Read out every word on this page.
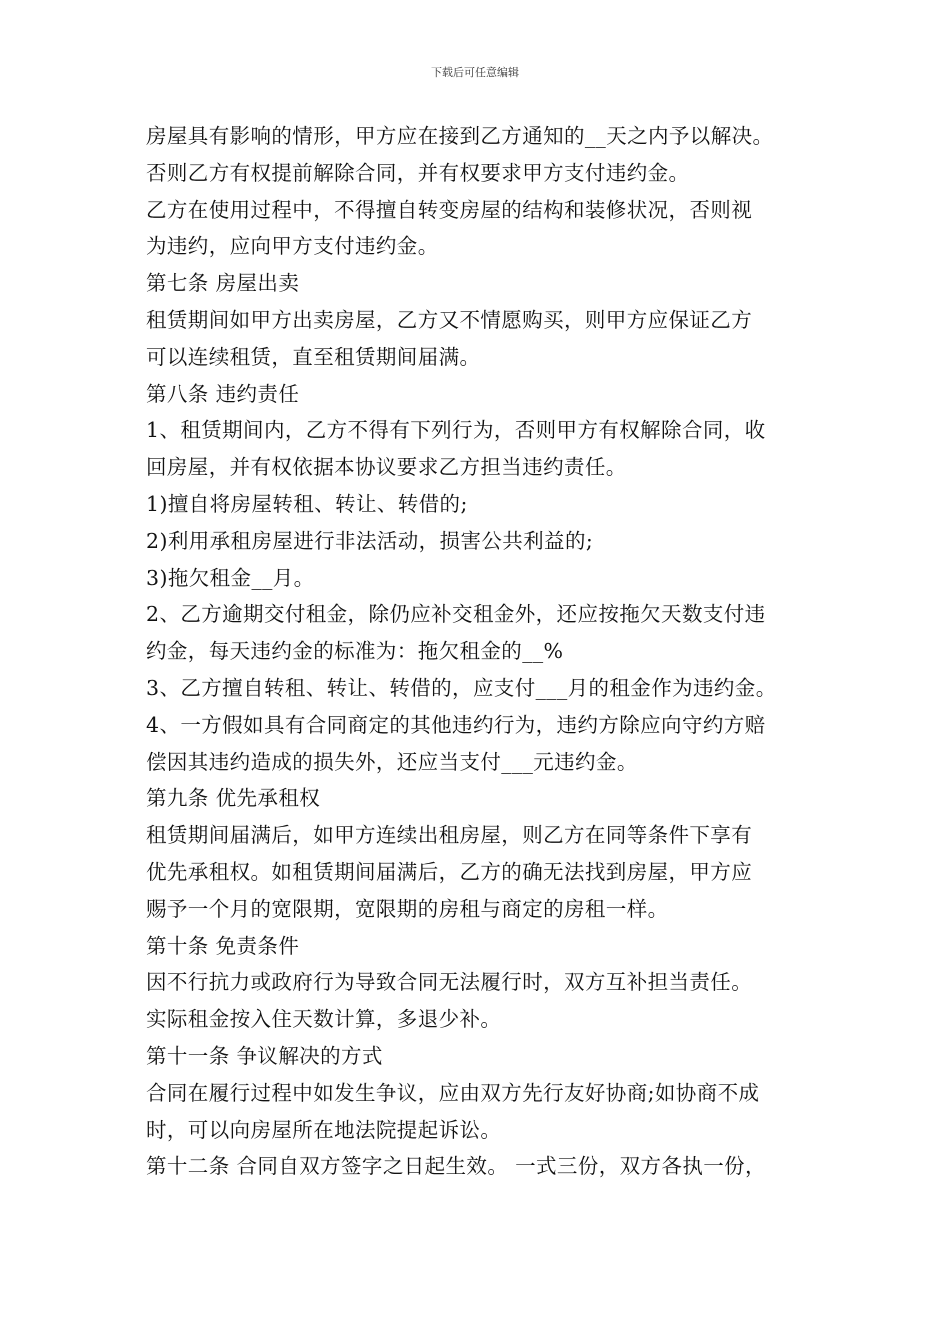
下载后可任意编辑
房屋具有影响的情形，甲方应在接到乙方通知的__天之内予以解决。
否则乙方有权提前解除合同，并有权要求甲方支付违约金。
乙方在使用过程中，不得擅自转变房屋的结构和装修状况，否则视
为违约，应向甲方支付违约金。
第七条 房屋出卖
租赁期间如甲方出卖房屋，乙方又不情愿购买，则甲方应保证乙方
可以连续租赁，直至租赁期间届满。
第八条 违约责任
1、租赁期间内，乙方不得有下列行为，否则甲方有权解除合同，收
回房屋，并有权依据本协议要求乙方担当违约责任。
1)擅自将房屋转租、转让、转借的;
2)利用承租房屋进行非法活动，损害公共利益的;
3)拖欠租金__月。
2、乙方逾期交付租金，除仍应补交租金外，还应按拖欠天数支付违
约金，每天违约金的标准为：拖欠租金的__%
3、乙方擅自转租、转让、转借的，应支付___月的租金作为违约金。
4、一方假如具有合同商定的其他违约行为，违约方除应向守约方赔
偿因其违约造成的损失外，还应当支付___元违约金。
第九条 优先承租权
租赁期间届满后，如甲方连续出租房屋，则乙方在同等条件下享有
优先承租权。如租赁期间届满后，乙方的确无法找到房屋，甲方应
赐予一个月的宽限期，宽限期的房租与商定的房租一样。
第十条 免责条件
因不行抗力或政府行为导致合同无法履行时，双方互补担当责任。
实际租金按入住天数计算，多退少补。
第十一条 争议解决的方式
合同在履行过程中如发生争议，应由双方先行友好协商;如协商不成
时，可以向房屋所在地法院提起诉讼。
第十二条 合同自双方签字之日起生效。 一式三份，双方各执一份，
